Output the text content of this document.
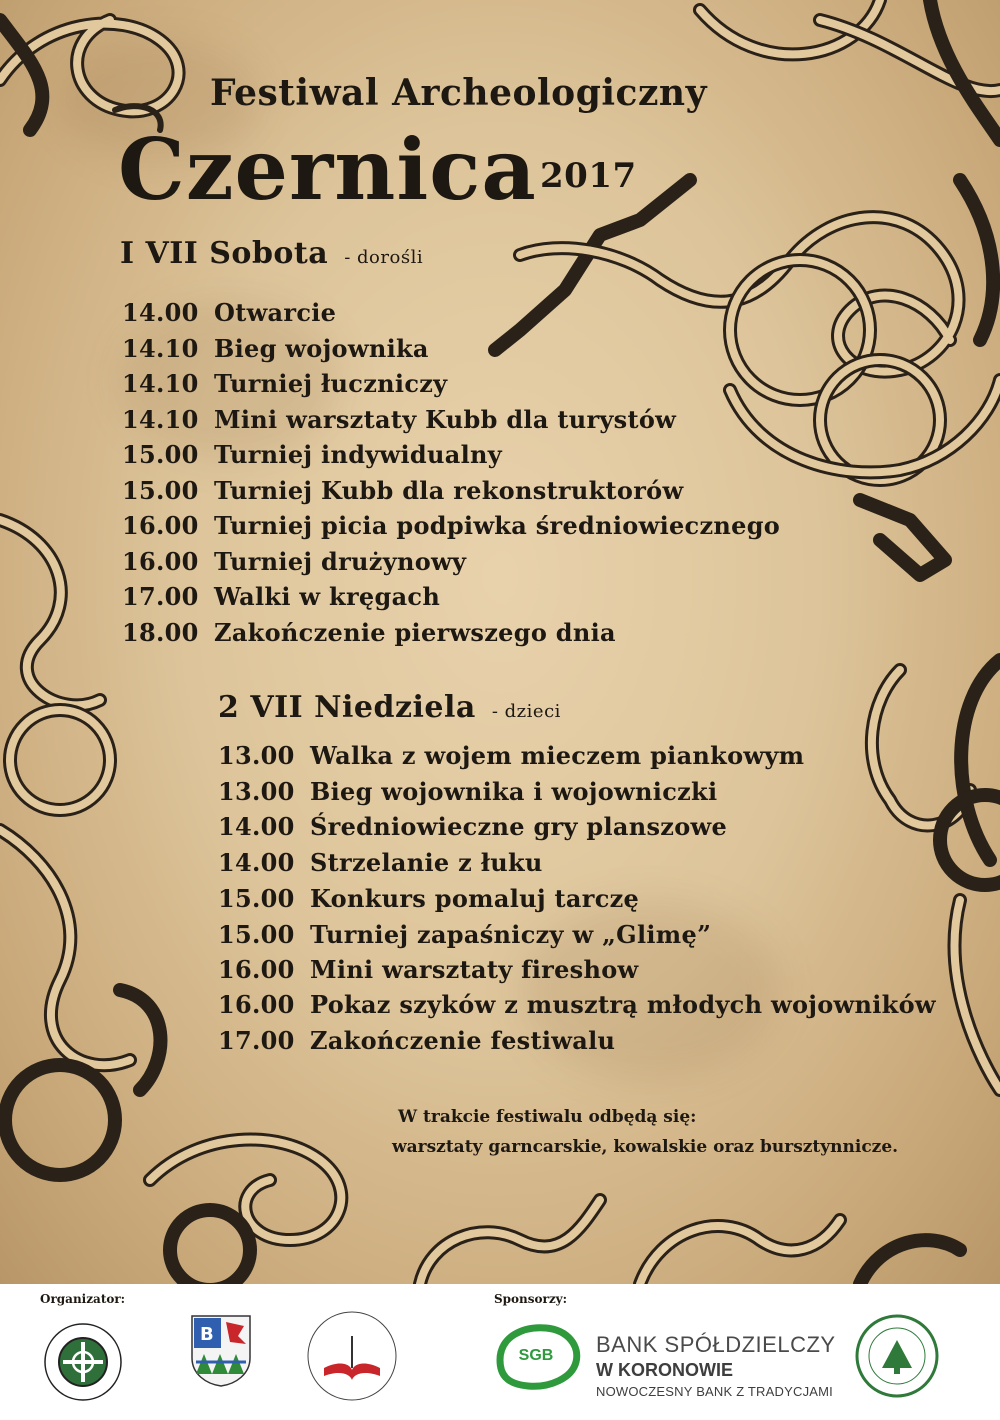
Festiwal Archeologiczny
Czernica 2017
I VII Sobota - dorośli
14.00 Otwarcie
14.10 Bieg wojownika
14.10 Turniej łuczniczy
14.10 Mini warsztaty Kubb dla turystów
15.00 Turniej indywidualny
15.00 Turniej Kubb dla rekonstruktorów
16.00 Turniej picia podpiwka średniowiecznego
16.00 Turniej drużynowy
17.00 Walki w kręgach
18.00 Zakończenie pierwszego dnia
2 VII Niedziela - dzieci
13.00 Walka z wojem mieczem piankowym
13.00 Bieg wojownika i wojowniczki
14.00 Średniowieczne gry planszowe
14.00 Strzelanie z łuku
15.00 Konkurs pomaluj tarczę
15.00 Turniej zapaśniczy w „Glimę”
16.00 Mini warsztaty fireshow
16.00 Pokaz szyków z musztrą młodych wojowników
17.00 Zakończenie festiwalu
W trakcie festiwalu odbędą się:
warsztaty garncarskie, kowalskie oraz bursztynnicze.
Organizator:	Sponsorzy:
B
SGB	BANK SPÓŁDZIELCZY
W KORONOWIE
NOWOCZESNY BANK Z TRADYCJAMI
